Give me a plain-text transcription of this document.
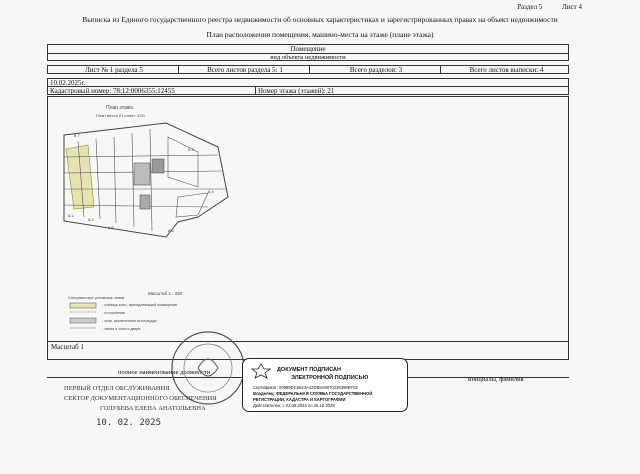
Раздел 5	Лист 4
Выписка из Единого государственного реестра недвижимости об основных характеристиках и зарегистрированных правах на объект недвижимости
План расположения помещения, машино-места на этаже (плане этажа)
Помещение
вид объекта недвижимости
Лист № 1 раздела 5	Всего листов раздела 5: 1	Всего разделов: 3	Всего листов выписки: 4
10.02.2025г.
Кадастровый номер: 78:12:0006355:12455	Номер этажа (этажей): 21
План этажа
План места 21 отмет. 3,00
8.1
8.2
8.3
8.4
8.5
8.6
8.7
Масштаб 1 : 250
Специальные условные знаки
- граница зоны, принадлежащей помещению
- отступление
- зона, исключенная из площади
- линия и зоны и двери
Масштаб 1
полное наименование должности
инициалы, фамилия
ПЕРВЫЙ ОТДЕЛ ОБСЛУЖИВАНИЯ
СЕКТОР ДОКУМЕНТАЦИОННОГО ОБЕСПЕЧЕНИЯ
ГОЛУБЕВА ЕЛЕНА АНАТОЛЬЕВНА
10. 02. 2025
ДОКУМЕНТ ПОДПИСАН
ЭЛЕКТРОННОЙ ПОДПИСЬЮ
Сертификат: 00989DC5924A42DB6A9970225399EF03
Владелец: ФЕДЕРАЛЬНАЯ СЛУЖБА ГОСУДАРСТВЕННОЙ
РЕГИСТРАЦИИ, КАДАСТРА И КАРТОГРАФИИ
Действителен: с 02.08.2024 по 26.10.2025
